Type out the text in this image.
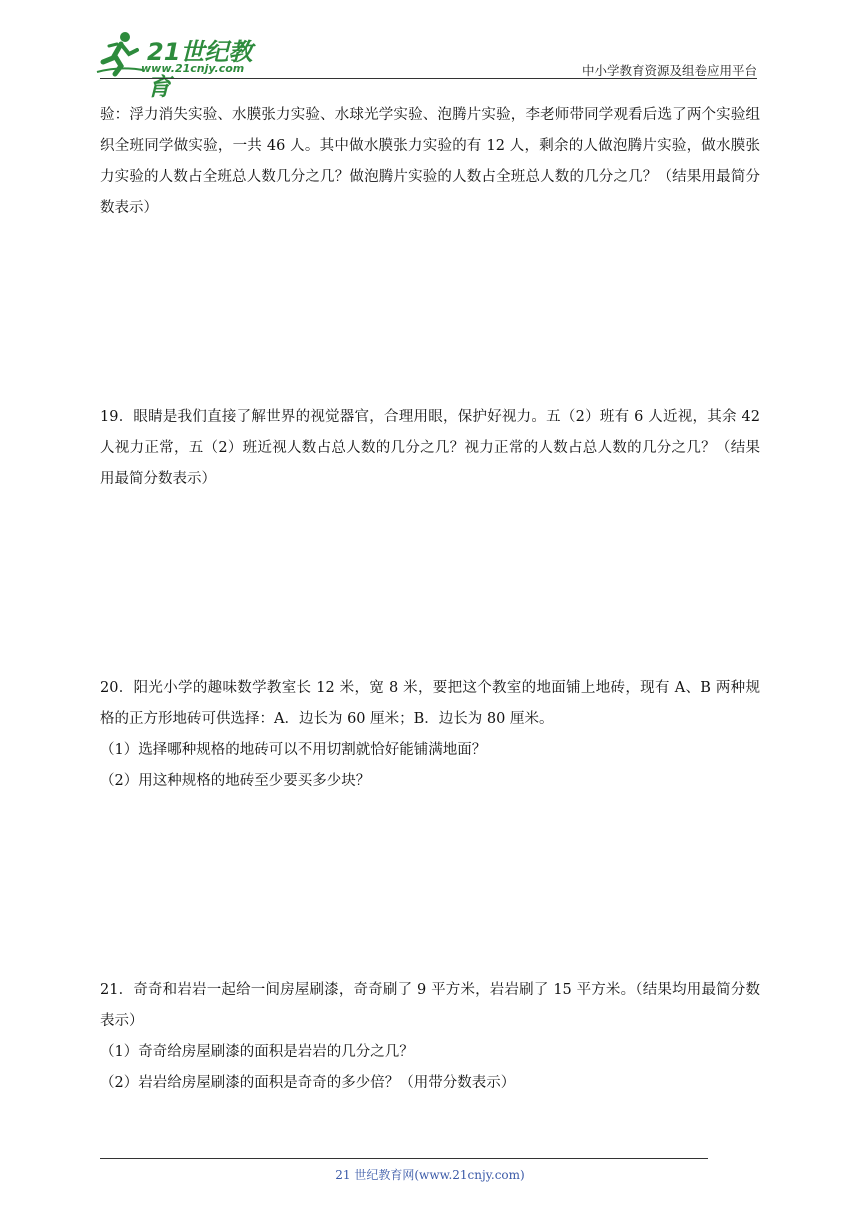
21世纪教育
www.21cnjy.com	中小学教育资源及组卷应用平台

验：浮力消失实验、水膜张力实验、水球光学实验、泡腾片实验，李老师带同学观看后选了两个实验组织全班同学做实验，一共 46 人。其中做水膜张力实验的有 12 人，剩余的人做泡腾片实验，做水膜张力实验的人数占全班总人数几分之几？做泡腾片实验的人数占全班总人数的几分之几？（结果用最简分数表示）

19．眼睛是我们直接了解世界的视觉器官，合理用眼，保护好视力。五（2）班有 6 人近视，其余 42 人视力正常，五（2）班近视人数占总人数的几分之几？视力正常的人数占总人数的几分之几？（结果用最简分数表示）

20．阳光小学的趣味数学教室长 12 米，宽 8 米，要把这个教室的地面铺上地砖，现有 A、B 两种规格的正方形地砖可供选择：A．边长为 60 厘米；B．边长为 80 厘米。

（1）选择哪种规格的地砖可以不用切割就恰好能铺满地面？

（2）用这种规格的地砖至少要买多少块？

21．奇奇和岩岩一起给一间房屋刷漆，奇奇刷了 9 平方米，岩岩刷了 15 平方米。（结果均用最简分数表示）

（1）奇奇给房屋刷漆的面积是岩岩的几分之几？

（2）岩岩给房屋刷漆的面积是奇奇的多少倍？（用带分数表示）

21 世纪教育网(www.21cnjy.com)
